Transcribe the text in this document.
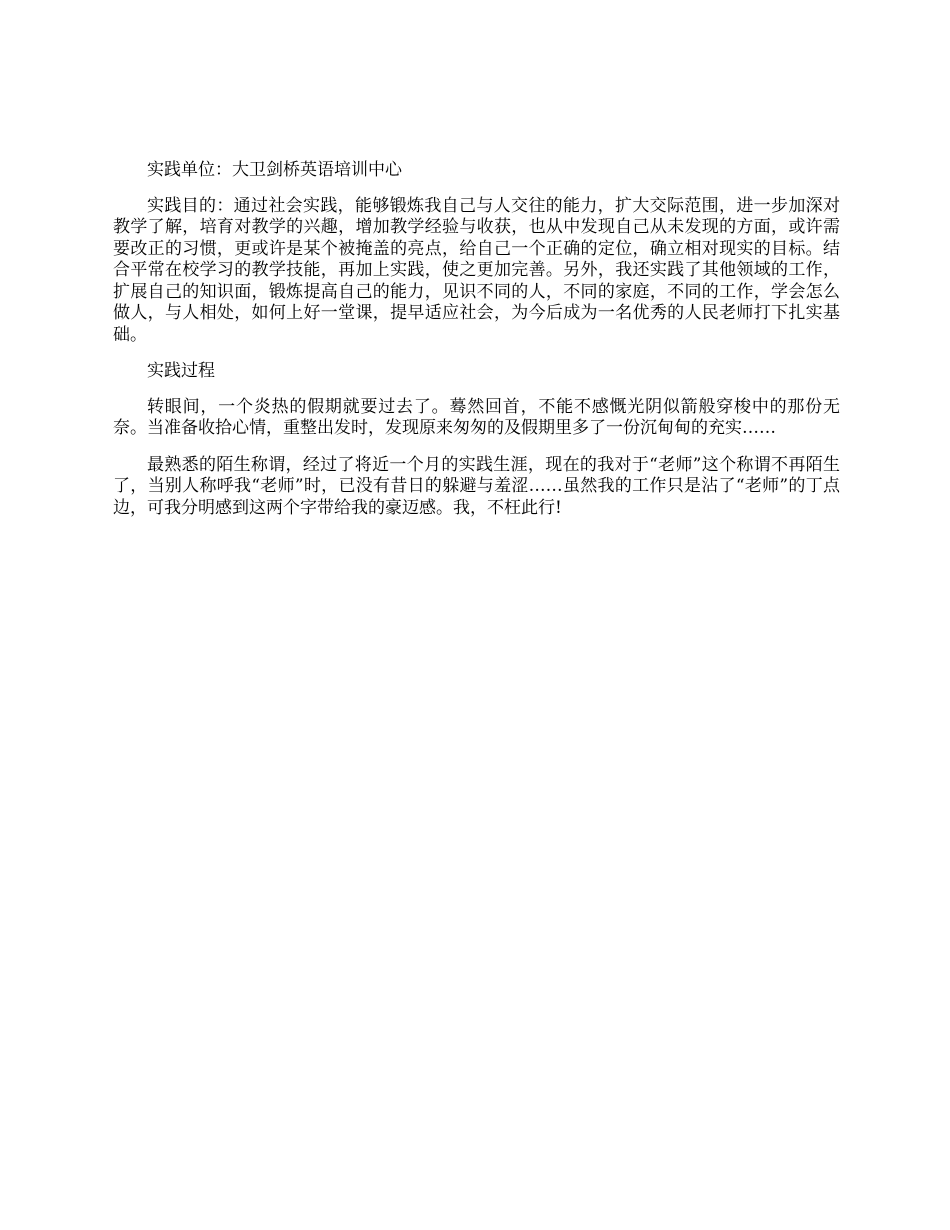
实践单位：大卫剑桥英语培训中心

实践目的：通过社会实践，能够锻炼我自己与人交往的能力，扩大交际范围，进一步加深对教学了解，培育对教学的兴趣，增加教学经验与收获，也从中发现自己从未发现的方面，或许需要改正的习惯，更或许是某个被掩盖的亮点，给自己一个正确的定位，确立相对现实的目标。结合平常在校学习的教学技能，再加上实践，使之更加完善。另外，我还实践了其他领域的工作，扩展自己的知识面，锻炼提高自己的能力，见识不同的人，不同的家庭，不同的工作，学会怎么做人，与人相处，如何上好一堂课，提早适应社会，为今后成为一名优秀的人民老师打下扎实基础。

实践过程

转眼间，一个炎热的假期就要过去了。蓦然回首，不能不感慨光阴似箭般穿梭中的那份无奈。当准备收拾心情，重整出发时，发现原来匆匆的及假期里多了一份沉甸甸的充实……

最熟悉的陌生称谓，经过了将近一个月的实践生涯，现在的我对于“老师”这个称谓不再陌生了，当别人称呼我“老师”时，已没有昔日的躲避与羞涩……虽然我的工作只是沾了“老师”的丁点边，可我分明感到这两个字带给我的豪迈感。我，不枉此行!
